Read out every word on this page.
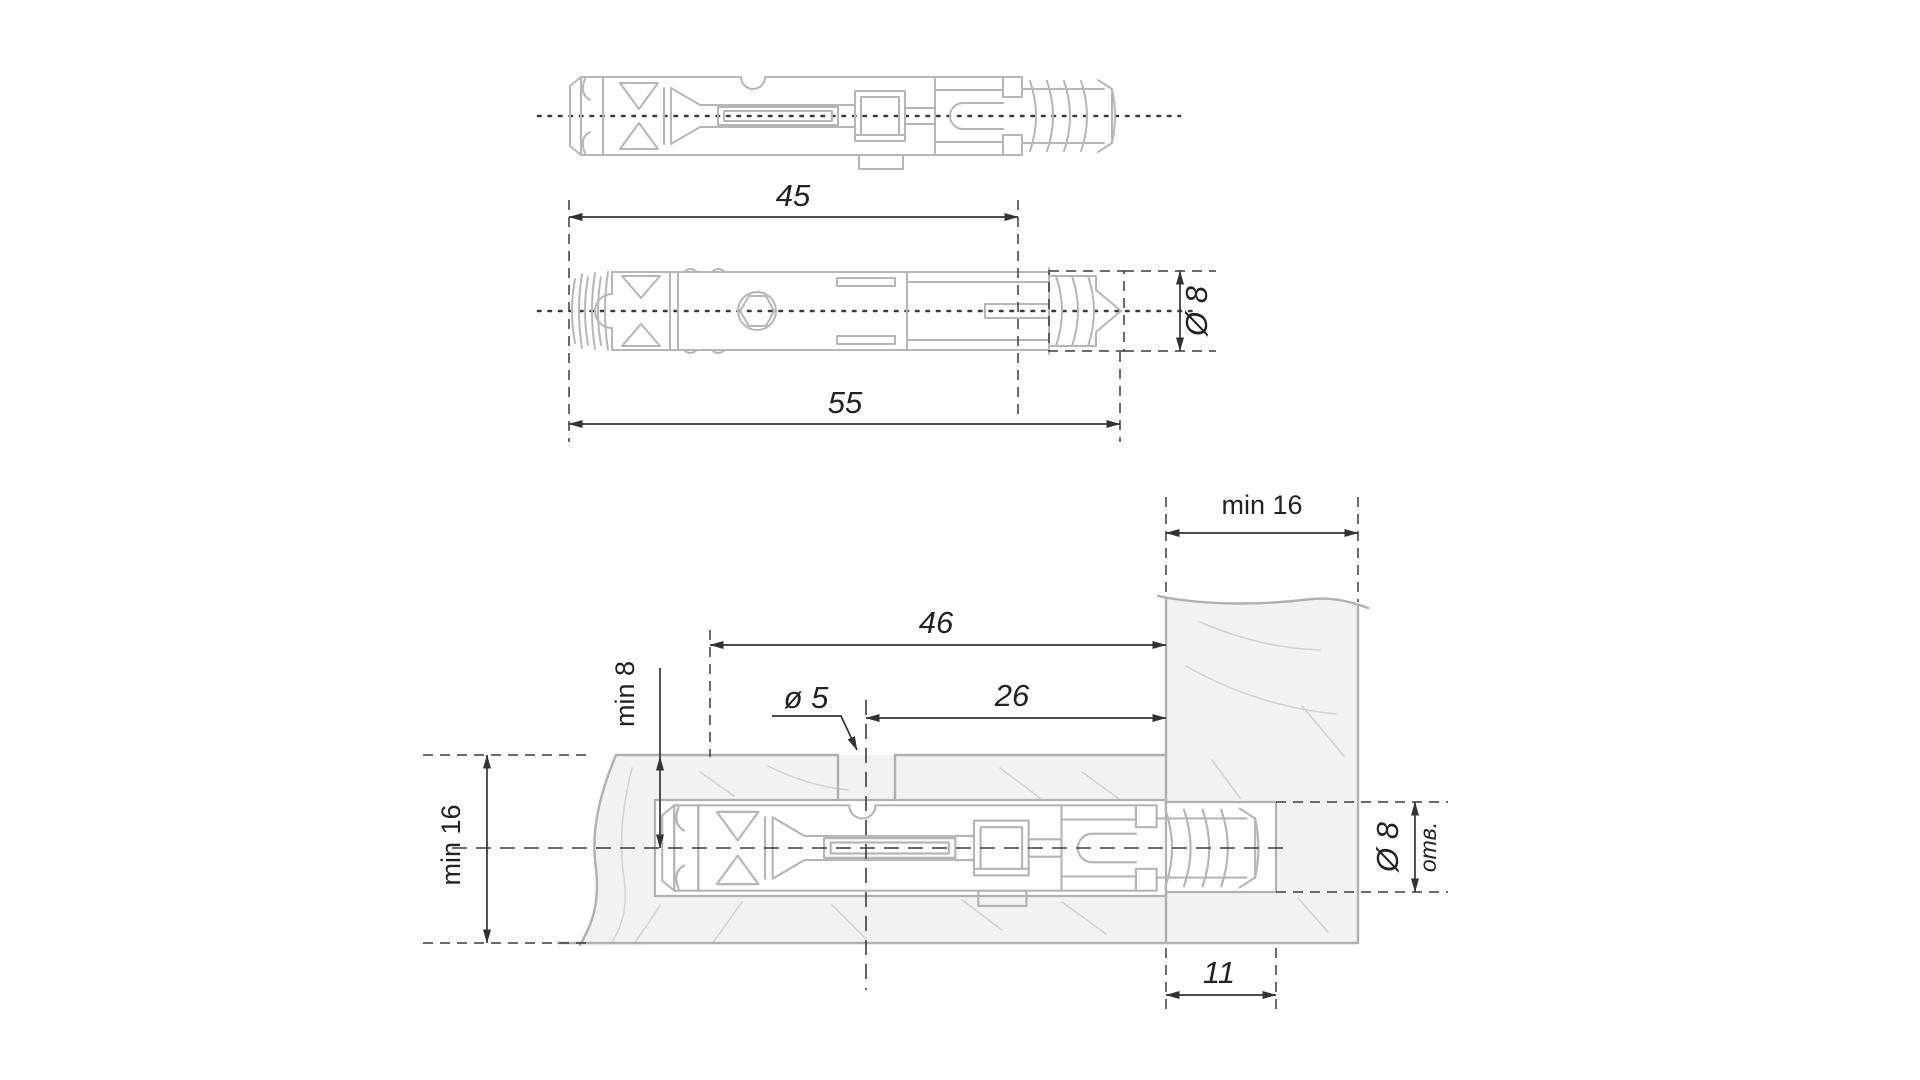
min 16
min 8
min 16
46
26
ø 5
Ø 8 отв.
11
45
55
Ø 8
